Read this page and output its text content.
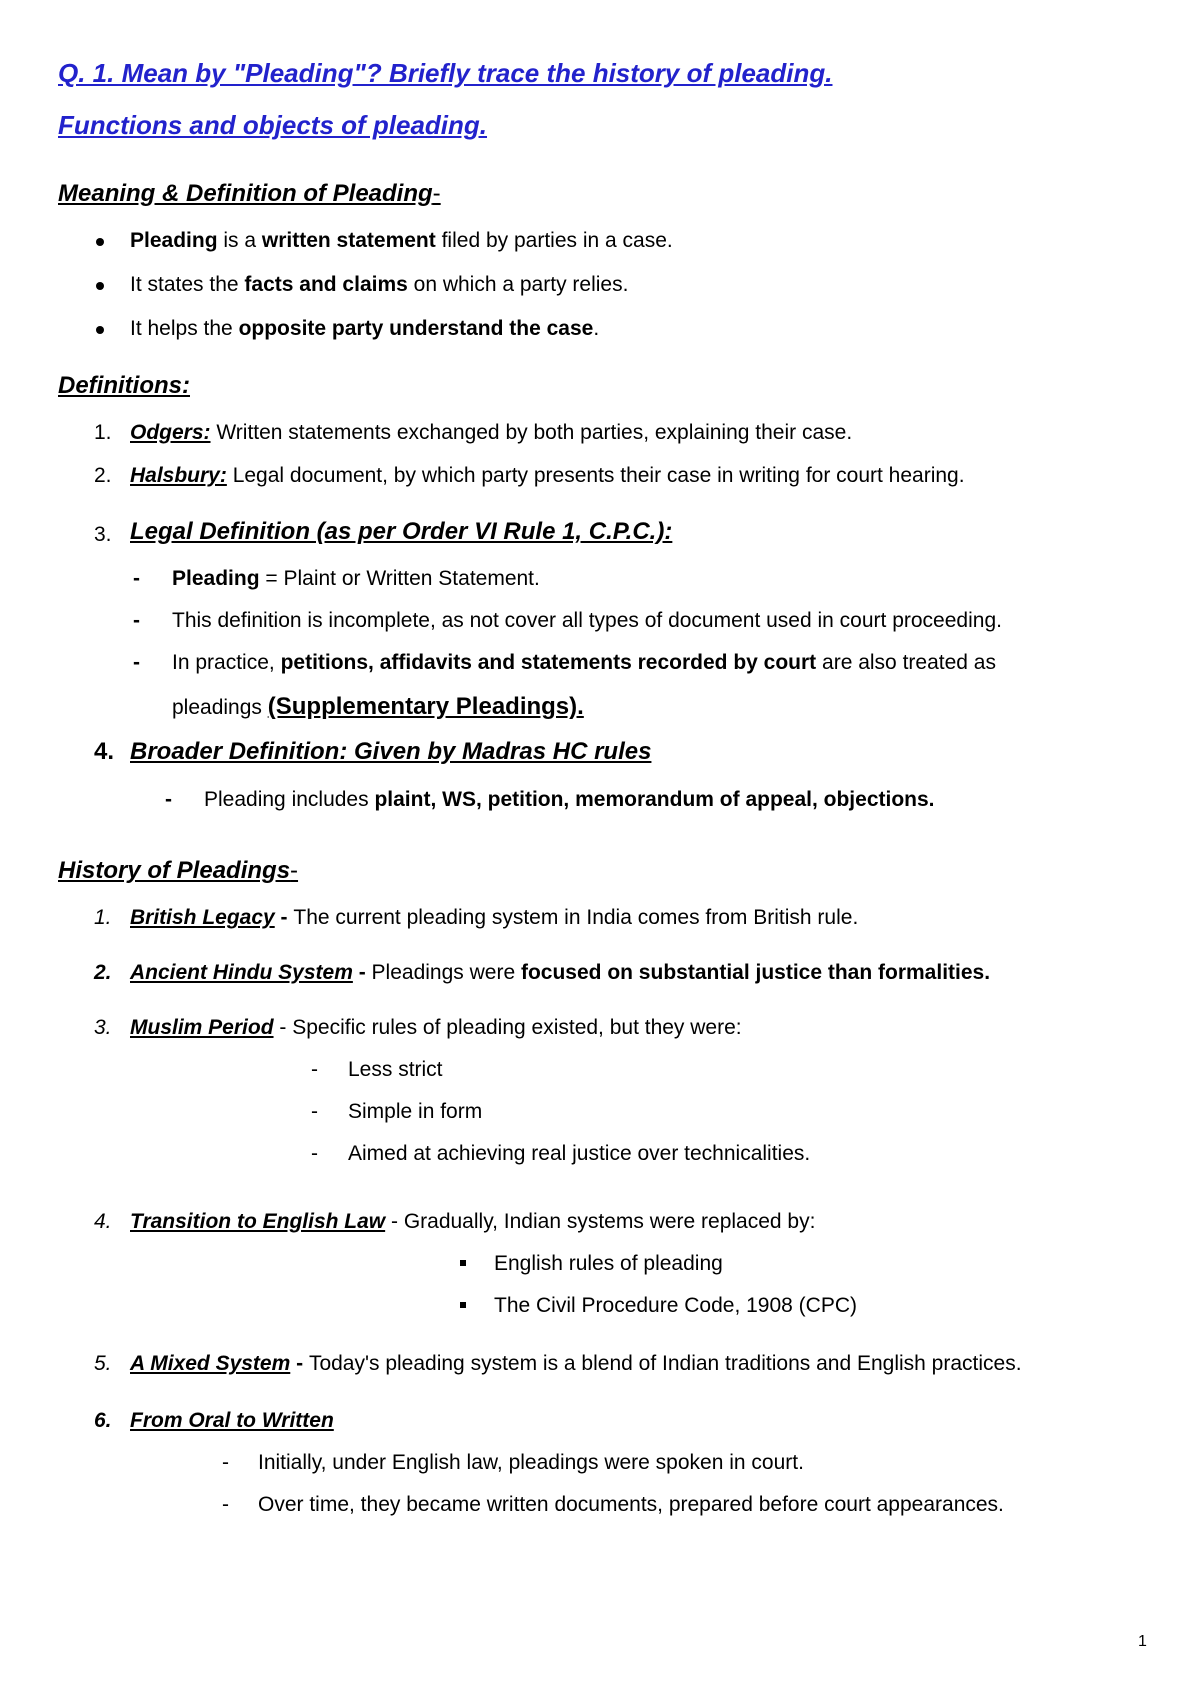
Q. 1. Mean by "Pleading"? Briefly trace the history of pleading.
Functions and objects of pleading.
Meaning & Definition of Pleading-
Pleading is a written statement filed by parties in a case.
It states the facts and claims on which a party relies.
It helps the opposite party understand the case.
Definitions:
1. Odgers: Written statements exchanged by both parties, explaining their case.
2. Halsbury: Legal document, by which party presents their case in writing for court hearing.
3. Legal Definition (as per Order VI Rule 1, C.P.C.):
- Pleading = Plaint or Written Statement.
- This definition is incomplete, as not cover all types of document used in court proceeding.
- In practice, petitions, affidavits and statements recorded by court are also treated as
pleadings (Supplementary Pleadings).
4. Broader Definition: Given by Madras HC rules
- Pleading includes plaint, WS, petition, memorandum of appeal, objections.
History of Pleadings-
1. British Legacy - The current pleading system in India comes from British rule.
2. Ancient Hindu System - Pleadings were focused on substantial justice than formalities.
3. Muslim Period - Specific rules of pleading existed, but they were:
- Less strict
- Simple in form
- Aimed at achieving real justice over technicalities.
4. Transition to English Law - Gradually, Indian systems were replaced by:
English rules of pleading
The Civil Procedure Code, 1908 (CPC)
5. A Mixed System - Today's pleading system is a blend of Indian traditions and English practices.
6. From Oral to Written
- Initially, under English law, pleadings were spoken in court.
- Over time, they became written documents, prepared before court appearances.
1
